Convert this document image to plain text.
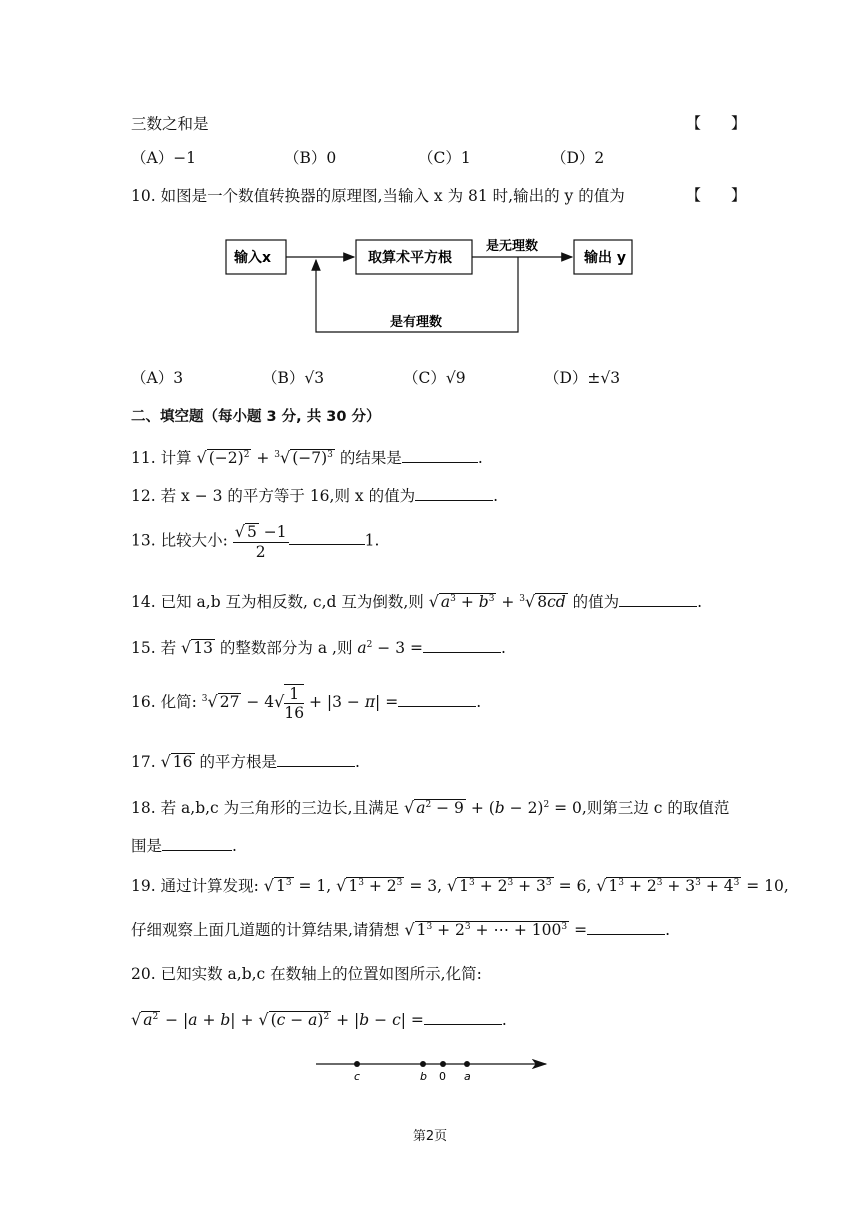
三数之和是	【　　】
（A）−1	（B）0	（C）1	（D）2
10. 如图是一个数值转换器的原理图,当输入 x 为 81 时,输出的 y 的值为	【　　】
输入x	取算术平方根
是无理数
输出 y
是有理数
（A）3	（B）√3	（C）√9	（D）±√3
二、填空题（每小题 3 分, 共 30 分）
11. 计算 √ $(-2)^2 + ^3√$ $(-7)^3$ 的结果是	.
12. 若 x − 3 的平方等于 16,则 x 的值为	.
13. 比较大小: $\frac{√ 5 -1}{2}$	1.
14. 已知 a,b 互为相反数, c,d 互为倒数,则 √ $a^3 + b^3 + ^3√$ 8cd 的值为	.
15. 若 √ 13 的整数部分为 a ,则 $a^2 - 3$ =	.
16. 化简: $^3$√ $27 - 4√ \frac{1}{16} + |3 - \pi|$ =	.
17. √ 16 的平方根是	.
18. 若 a,b,c 为三角形的三边长,且满足 √ $a^2 - 9 + (b - 2)^2 = 0$,则第三边 c 的取值范
围是	.
19. 通过计算发现: √ $1^3 = 1$, √ $1^3 + 2^3 = 3$, √ $1^3 + 2^3 + 3^3 = 6$, √ $1^3 + 2^3 + 3^3 + 4^3 = 10$,
仔细观察上面几道题的计算结果,请猜想 √ $1^3 + 2^3$ + ⋯ + $100^3$ =	.
20. 已知实数 a,b,c 在数轴上的位置如图所示,化简:
√ $a^2 - |a + b|$ + √ $(c - a)^2 + |b - c|$ =	.
c	b 0 a
第2页
